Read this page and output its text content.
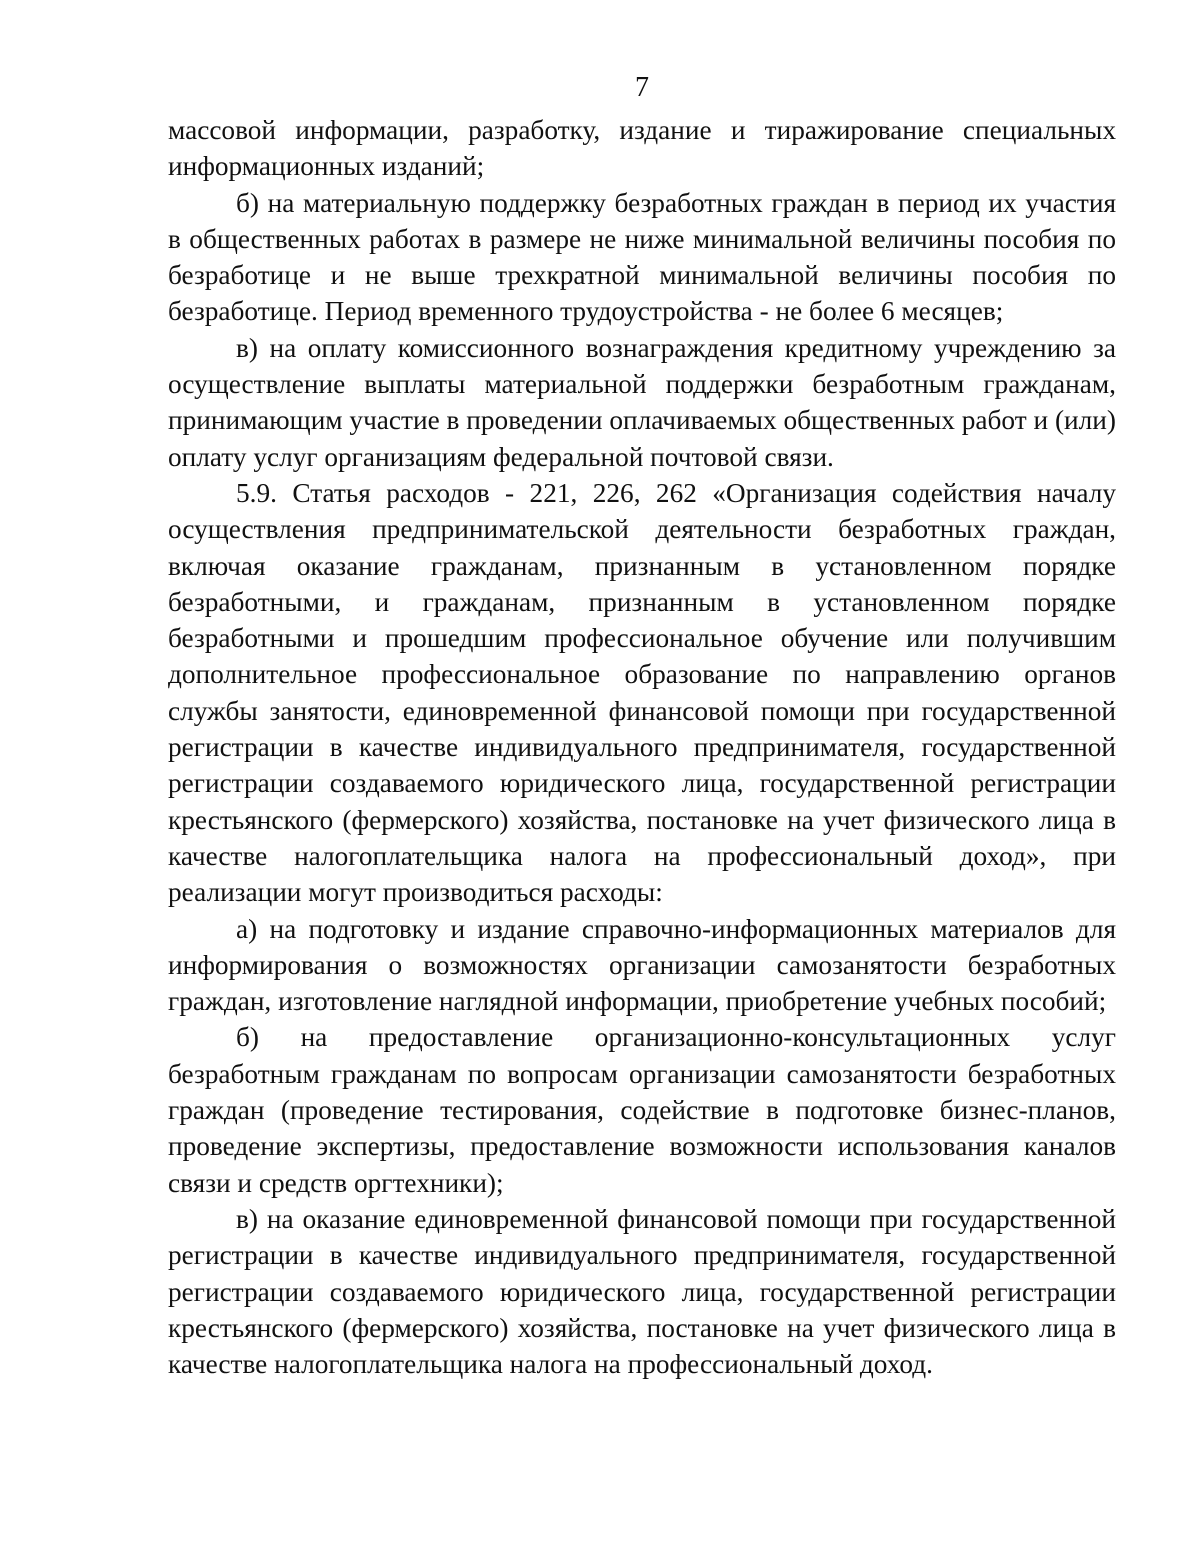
7

массовой информации, разработку, издание и тиражирование специальных информационных изданий;

б) на материальную поддержку безработных граждан в период их участия в общественных работах в размере не ниже минимальной величины пособия по безработице и не выше трехкратной минимальной величины пособия по безработице. Период временного трудоустройства - не более 6 месяцев;

в) на оплату комиссионного вознаграждения кредитному учреждению за осуществление выплаты материальной поддержки безработным гражданам, принимающим участие в проведении оплачиваемых общественных работ и (или) оплату услуг организациям федеральной почтовой связи.

5.9. Статья расходов - 221, 226, 262 «Организация содействия началу осуществления предпринимательской деятельности безработных граждан, включая оказание гражданам, признанным в установленном порядке безработными, и гражданам, признанным в установленном порядке безработными и прошедшим профессиональное обучение или получившим дополнительное профессиональное образование по направлению органов службы занятости, единовременной финансовой помощи при государственной регистрации в качестве индивидуального предпринимателя, государственной регистрации создаваемого юридического лица, государственной регистрации крестьянского (фермерского) хозяйства, постановке на учет физического лица в качестве налогоплательщика налога на профессиональный доход», при реализации могут производиться расходы:

а) на подготовку и издание справочно-информационных материалов для информирования о возможностях организации самозанятости безработных граждан, изготовление наглядной информации, приобретение учебных пособий;

б) на предоставление организационно-консультационных услуг безработным гражданам по вопросам организации самозанятости безработных граждан (проведение тестирования, содействие в подготовке бизнес-планов, проведение экспертизы, предоставление возможности использования каналов связи и средств оргтехники);

в) на оказание единовременной финансовой помощи при государственной регистрации в качестве индивидуального предпринимателя, государственной регистрации создаваемого юридического лица, государственной регистрации крестьянского (фермерского) хозяйства, постановке на учет физического лица в качестве налогоплательщика налога на профессиональный доход.
